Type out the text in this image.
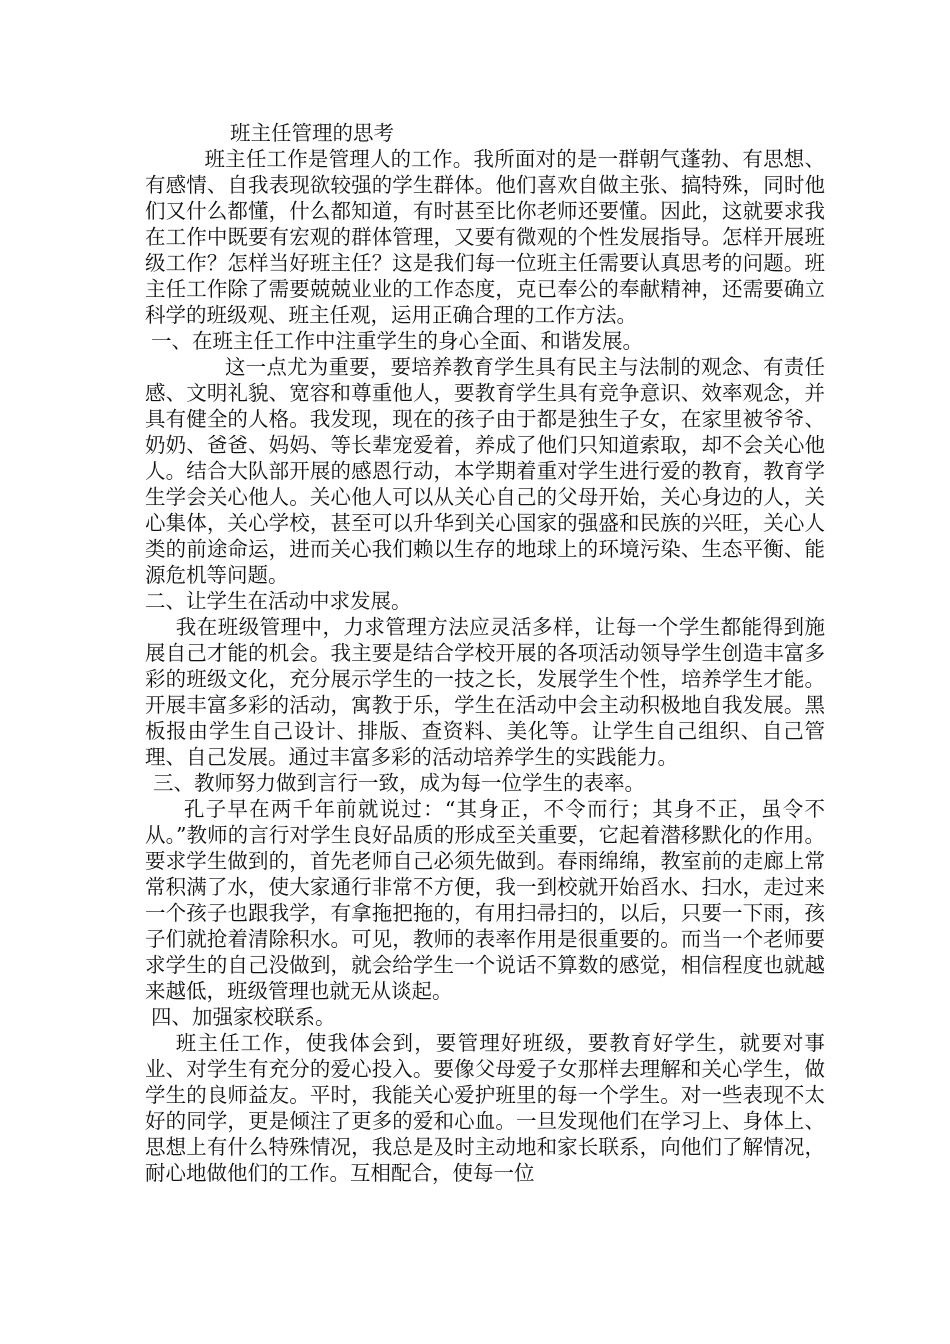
班主任管理的思考

班主任工作是管理人的工作。我所面对的是一群朝气蓬勃、有思想、有感情、自我表现欲较强的学生群体。他们喜欢自做主张、搞特殊，同时他们又什么都懂，什么都知道，有时甚至比你老师还要懂。因此，这就要求我在工作中既要有宏观的群体管理，又要有微观的个性发展指导。怎样开展班级工作？怎样当好班主任？这是我们每一位班主任需要认真思考的问题。班主任工作除了需要兢兢业业的工作态度，克已奉公的奉献精神，还需要确立科学的班级观、班主任观，运用正确合理的工作方法。

一、在班主任工作中注重学生的身心全面、和谐发展。

这一点尤为重要，要培养教育学生具有民主与法制的观念、有责任感、文明礼貌、宽容和尊重他人，要教育学生具有竞争意识、效率观念，并具有健全的人格。我发现，现在的孩子由于都是独生子女，在家里被爷爷、奶奶、爸爸、妈妈、等长辈宠爱着，养成了他们只知道索取，却不会关心他人。结合大队部开展的感恩行动，本学期着重对学生进行爱的教育，教育学生学会关心他人。关心他人可以从关心自己的父母开始，关心身边的人，关心集体，关心学校，甚至可以升华到关心国家的强盛和民族的兴旺，关心人类的前途命运，进而关心我们赖以生存的地球上的环境污染、生态平衡、能源危机等问题。

二、让学生在活动中求发展。

我在班级管理中，力求管理方法应灵活多样，让每一个学生都能得到施展自己才能的机会。我主要是结合学校开展的各项活动领导学生创造丰富多彩的班级文化，充分展示学生的一技之长，发展学生个性，培养学生才能。开展丰富多彩的活动，寓教于乐，学生在活动中会主动积极地自我发展。黑板报由学生自己设计、排版、查资料、美化等。让学生自己组织、自己管理、自己发展。通过丰富多彩的活动培养学生的实践能力。

三、教师努力做到言行一致，成为每一位学生的表率。

孔子早在两千年前就说过：“其身正，不令而行；其身不正，虽令不从。”教师的言行对学生良好品质的形成至关重要，它起着潜移默化的作用。要求学生做到的，首先老师自己必须先做到。春雨绵绵，教室前的走廊上常常积满了水，使大家通行非常不方便，我一到校就开始舀水、扫水，走过来一个孩子也跟我学，有拿拖把拖的，有用扫帚扫的，以后，只要一下雨，孩子们就抢着清除积水。可见，教师的表率作用是很重要的。而当一个老师要求学生的自己没做到，就会给学生一个说话不算数的感觉，相信程度也就越来越低，班级管理也就无从谈起。

四、加强家校联系。

班主任工作，使我体会到，要管理好班级，要教育好学生，就要对事业、对学生有充分的爱心投入。要像父母爱子女那样去理解和关心学生，做学生的良师益友。平时，我能关心爱护班里的每一个学生。对一些表现不太好的同学，更是倾注了更多的爱和心血。一旦发现他们在学习上、身体上、思想上有什么特殊情况，我总是及时主动地和家长联系，向他们了解情况，耐心地做他们的工作。互相配合，使每一位
